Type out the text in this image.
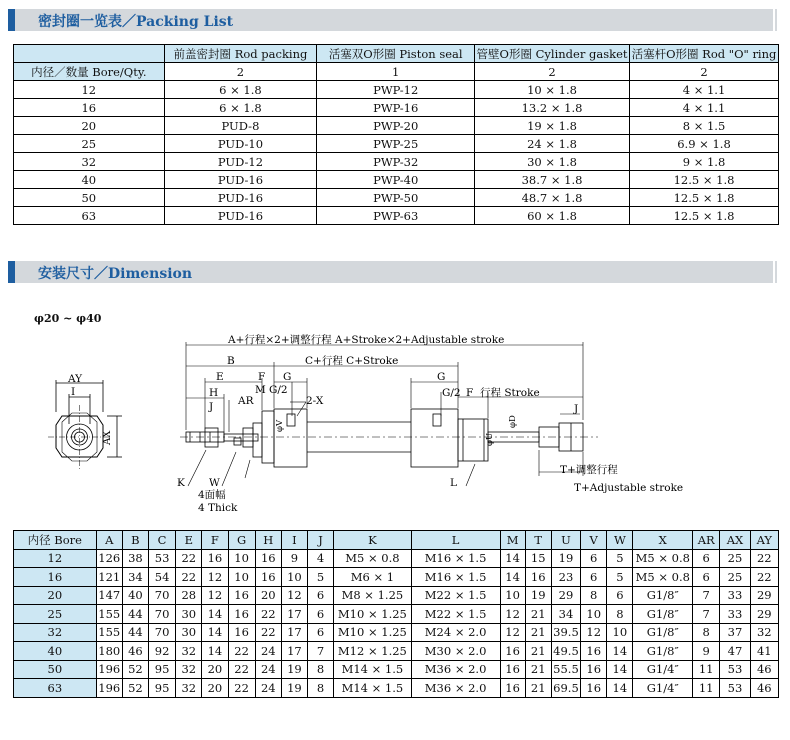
密封圈一览表／Packing List
	前盖密封圈 Rod packing	活塞双O形圈 Piston seal	管壁O形圈 Cylinder gasket	活塞杆O形圈 Rod "O" ring
内径／数量 Bore/Qty.	2	1	2	2
12	6 × 1.8	PWP-12	10 × 1.8	4 × 1.1
16	6 × 1.8	PWP-16	13.2 × 1.8	4 × 1.1
20	PUD-8	PWP-20	19 × 1.8	8 × 1.5
25	PUD-10	PWP-25	24 × 1.8	6.9 × 1.8
32	PUD-12	PWP-32	30 × 1.8	9 × 1.8
40	PUD-16	PWP-40	38.7 × 1.8	12.5 × 1.8
50	PUD-16	PWP-50	48.7 × 1.8	12.5 × 1.8
63	PUD-16	PWP-63	60 × 1.8	12.5 × 1.8
安装尺寸／Dimension
φ20 ~ φ40
A+行程×2+调整行程 A+Stroke×2+Adjustable stroke
B	C+行程 C+Stroke
E	F G
H	M G/2
AR	2-X
J
G
G/2 F 行程 Stroke
J
AY
I
AX
K W
φV
φU
φD
4面幅
4 Thick
L
T+调整行程
T+Adjustable stroke
内径 Bore	A	B	C	E	F	G	H	I	J	K	L	M	T	U	V	W	X	AR	AX	AY
12	126	38	53	22	16	10	16	9	4	M5 × 0.8	M16 × 1.5	14	15	19	6	5	M5 × 0.8	6	25	22
16	121	34	54	22	12	10	16	10	5	M6 × 1	M16 × 1.5	14	16	23	6	5	M5 × 0.8	6	25	22
20	147	40	70	28	12	16	20	12	6	M8 × 1.25	M22 × 1.5	10	19	29	8	6	G1/8″	7	33	29
25	155	44	70	30	14	16	22	17	6	M10 × 1.25	M22 × 1.5	12	21	34	10	8	G1/8″	7	33	29
32	155	44	70	30	14	16	22	17	6	M10 × 1.25	M24 × 2.0	12	21	39.5	12	10	G1/8″	8	37	32
40	180	46	92	32	14	22	24	17	7	M12 × 1.25	M30 × 2.0	16	21	49.5	16	14	G1/8″	9	47	41
50	196	52	95	32	20	22	24	19	8	M14 × 1.5	M36 × 2.0	16	21	55.5	16	14	G1/4″	11	53	46
63	196	52	95	32	20	22	24	19	8	M14 × 1.5	M36 × 2.0	16	21	69.5	16	14	G1/4″	11	53	46
